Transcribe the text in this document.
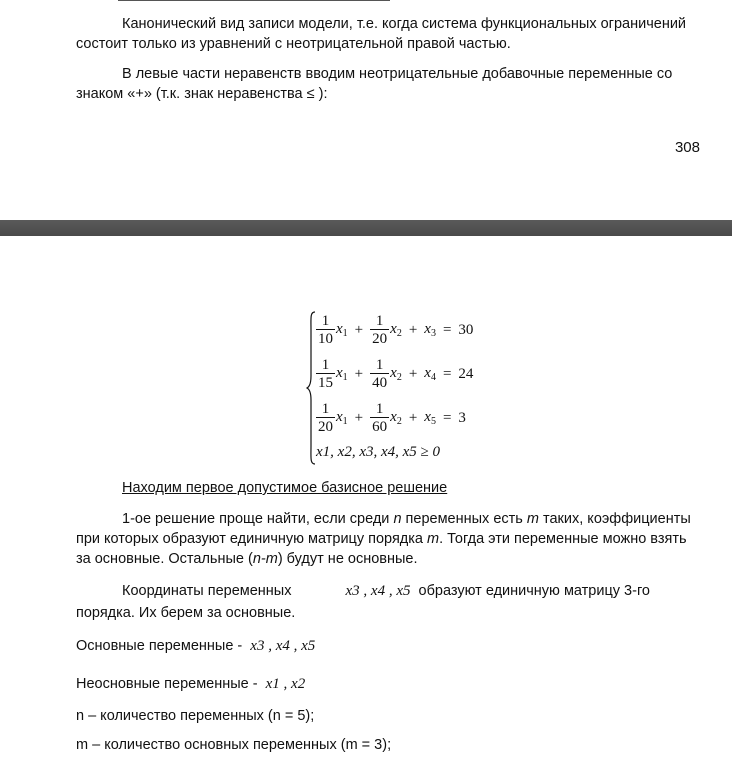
Канонический вид записи модели, т.е. когда система функциональных ограничений состоит только из уравнений с неотрицательной правой частью.
В левые части неравенств вводим неотрицательные добавочные переменные со знаком «+» (т.к. знак неравенства ≤ ):
308
$\frac{1}{10} x_1 + \frac{1}{20} x_2 + x_3 = 30$
$\frac{1}{15} x_1 + \frac{1}{40} x_2 + x_4 = 24$
$\frac{1}{20} x_1 + \frac{1}{60} x_2 + x_5 = 3$
x1, x2, x3, x4, x5 ≥ 0
Находим первое допустимое базисное решение
1-ое решение проще найти, если среди n переменных есть m таких, коэффициенты при которых образуют единичную матрицу порядка m. Тогда эти переменные можно взять за основные. Остальные (n-m) будут не основные.
Координаты переменных	x3 , x4 , x5 образуют единичную матрицу 3-го порядка. Их берем за основные.
Основные переменные - x3 , x4 , x5
Неосновные переменные - x1 , x2
n – количество переменных (n = 5);
m – количество основных переменных (m = 3);
